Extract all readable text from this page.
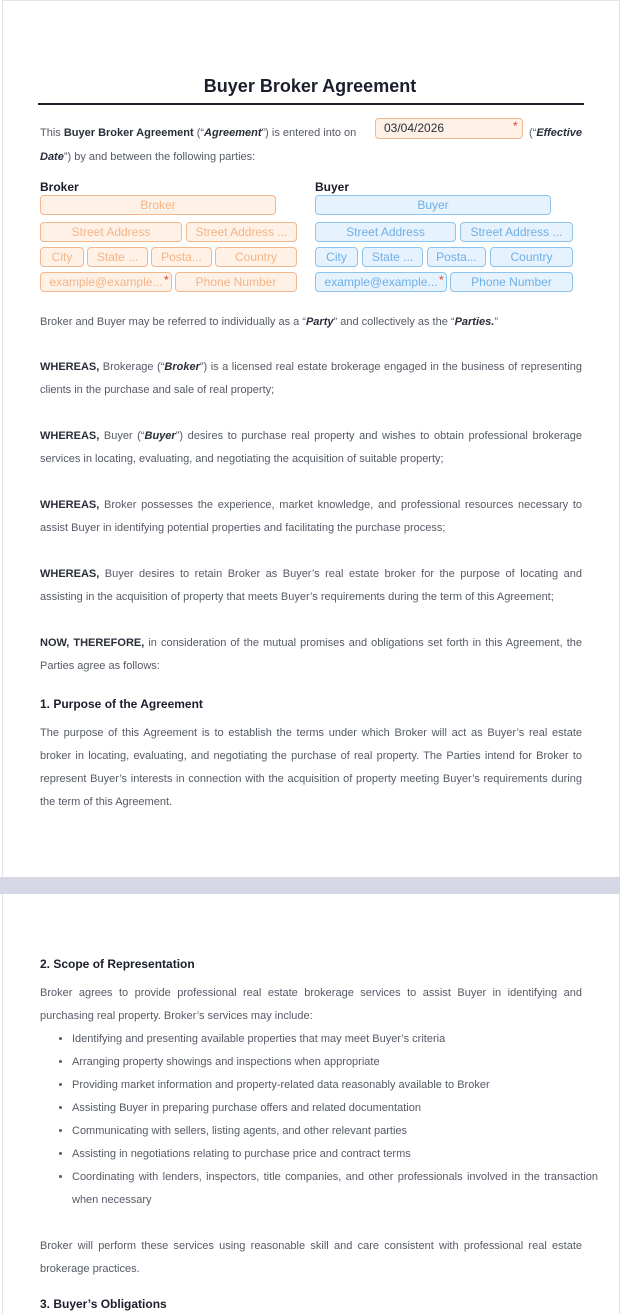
Buyer Broker Agreement
This Buyer Broker Agreement (“Agreement”) is entered into on	03/04/2026	* (“Effective
Date”) by and between the following parties:
Broker
Broker
Street Address	Street Address ...
City	State ...	Posta...	Country
example@example... *	Phone Number
Buyer
Buyer
Street Address	Street Address ...
City	State ...	Posta...	Country
example@example... *	Phone Number
Broker and Buyer may be referred to individually as a “Party” and collectively as the “Parties.”
WHEREAS, Brokerage (“Broker”) is a licensed real estate brokerage engaged in the business of representing clients in the purchase and sale of real property;
WHEREAS, Buyer (“Buyer”) desires to purchase real property and wishes to obtain professional brokerage services in locating, evaluating, and negotiating the acquisition of suitable property;
WHEREAS, Broker possesses the experience, market knowledge, and professional resources necessary to assist Buyer in identifying potential properties and facilitating the purchase process;
WHEREAS, Buyer desires to retain Broker as Buyer’s real estate broker for the purpose of locating and assisting in the acquisition of property that meets Buyer’s requirements during the term of this Agreement;
NOW, THEREFORE, in consideration of the mutual promises and obligations set forth in this Agreement, the Parties agree as follows:
1. Purpose of the Agreement
The purpose of this Agreement is to establish the terms under which Broker will act as Buyer’s real estate broker in locating, evaluating, and negotiating the purchase of real property. The Parties intend for Broker to represent Buyer’s interests in connection with the acquisition of property meeting Buyer’s requirements during the term of this Agreement.
2. Scope of Representation
Broker agrees to provide professional real estate brokerage services to assist Buyer in identifying and purchasing real property. Broker’s services may include:
• Identifying and presenting available properties that may meet Buyer’s criteria
• Arranging property showings and inspections when appropriate
• Providing market information and property-related data reasonably available to Broker
• Assisting Buyer in preparing purchase offers and related documentation
• Communicating with sellers, listing agents, and other relevant parties
• Assisting in negotiations relating to purchase price and contract terms
• Coordinating with lenders, inspectors, title companies, and other professionals involved in the transaction when necessary
Broker will perform these services using reasonable skill and care consistent with professional real estate brokerage practices.
3. Buyer’s Obligations
